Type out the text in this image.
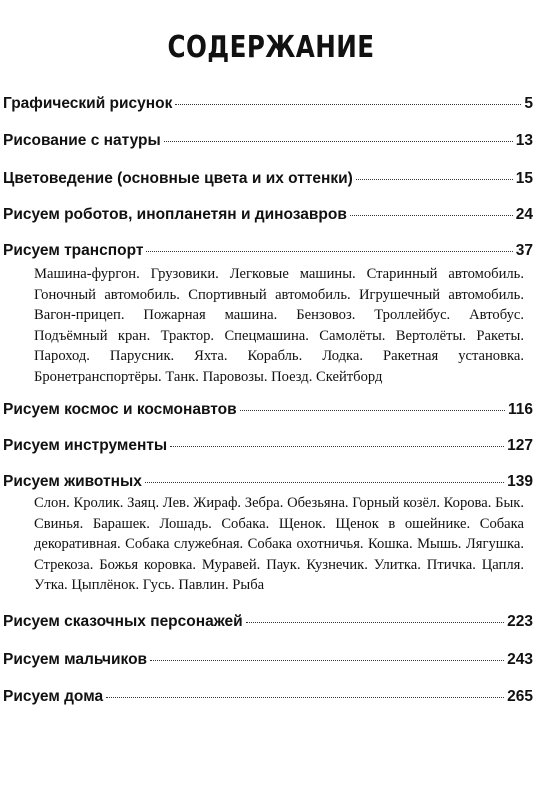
СОДЕРЖАНИЕ
Графический рисунок	5
Рисование с натуры	13
Цветоведение (основные цвета и их оттенки)	15
Рисуем роботов, инопланетян и динозавров	24
Рисуем транспорт	37
Машина-фургон. Грузовики. Легковые машины. Старинный автомобиль. Гоночный автомобиль. Спортивный автомобиль. Игрушечный автомобиль. Вагон-прицеп. Пожарная машина. Бензовоз. Троллейбус. Автобус. Подъёмный кран. Трактор. Спецмашина. Самолёты. Вертолёты. Ракеты. Пароход. Парусник. Яхта. Корабль. Лодка. Ракетная установка. Бронетранспортёры. Танк. Паровозы. Поезд. Скейтборд
Рисуем космос и космонавтов	116
Рисуем инструменты	127
Рисуем животных	139
Слон. Кролик. Заяц. Лев. Жираф. Зебра. Обезьяна. Горный козёл. Корова. Бык. Свинья. Барашек. Лошадь. Собака. Щенок. Щенок в ошейнике. Собака декоративная. Собака служебная. Собака охотничья. Кошка. Мышь. Лягушка. Стрекоза. Божья коровка. Муравей. Паук. Кузнечик. Улитка. Птичка. Цапля. Утка. Цыплёнок. Гусь. Павлин. Рыба
Рисуем сказочных персонажей	223
Рисуем мальчиков	243
Рисуем дома	265
